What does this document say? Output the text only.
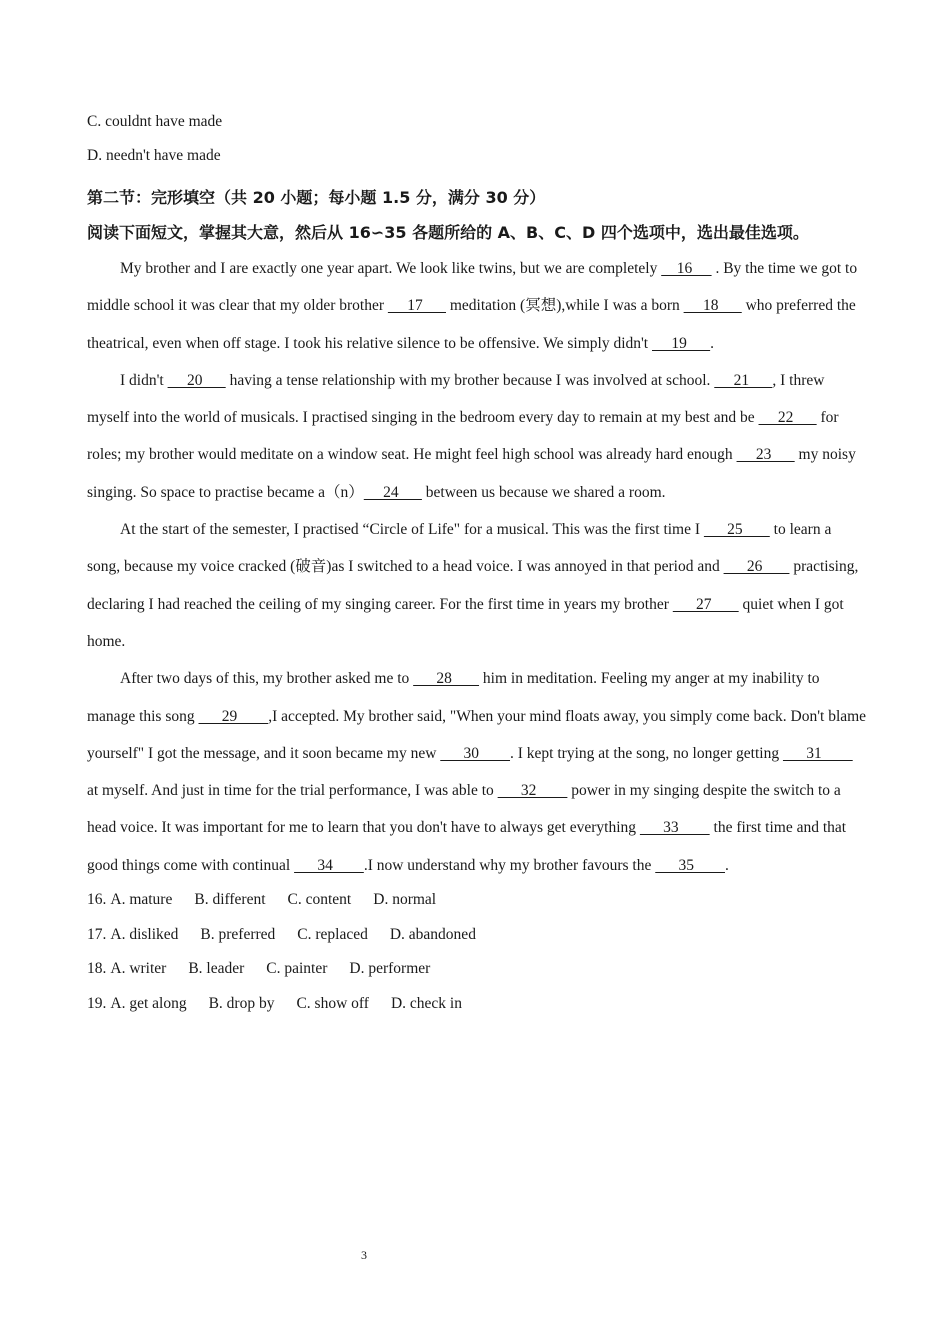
C. couldnt have made

D. needn't have made

第二节：完形填空（共 20 小题；每小题 1.5 分，满分 30 分）

阅读下面短文，掌握其大意，然后从 16∽35 各题所给的 A、B、C、D 四个选项中，选出最佳选项。

My brother and I are exactly one year apart. We look like twins, but we are completely     16      . By the time we got to middle school it was clear that my older brother      17       meditation (冥想),while I was a born      18       who preferred the theatrical, even when off stage. I took his relative silence to be offensive. We simply didn't      19      .

I didn't      20       having a tense relationship with my brother because I was involved at school.      21      , I threw myself into the world of musicals. I practised singing in the bedroom every day to remain at my best and be      22       for roles; my brother would meditate on a window seat. He might feel high school was already hard enough      23       my noisy singing. So space to practise became a（n）     24       between us because we shared a room.

At the start of the semester, I practised “Circle of Life" for a musical. This was the first time I       25        to learn a song, because my voice cracked (破音)as I switched to a head voice. I was annoyed in that period and       26        practising, declaring I had reached the ceiling of my singing career. For the first time in years my brother       27        quiet when I got home.

After two days of this, my brother asked me to       28        him in meditation. Feeling my anger at my inability to manage this song       29        ,I accepted. My brother said, "When your mind floats away, you simply come back. Don't blame yourself" I got the message, and it soon became my new       30        . I kept trying at the song, no longer getting       31         at myself. And just in time for the trial performance, I was able to       32         power in my singing despite the switch to a head voice. It was important for me to learn that you don't have to always get everything       33         the first time and that good things come with continual       34        .I now understand why my brother favours the       35        .

16. A. mature B. different C. content D. normal

17. A. disliked B. preferred C. replaced D. abandoned

18. A. writer B. leader C. painter D. performer

19. A. get along B. drop by C. show off D. check in

3
